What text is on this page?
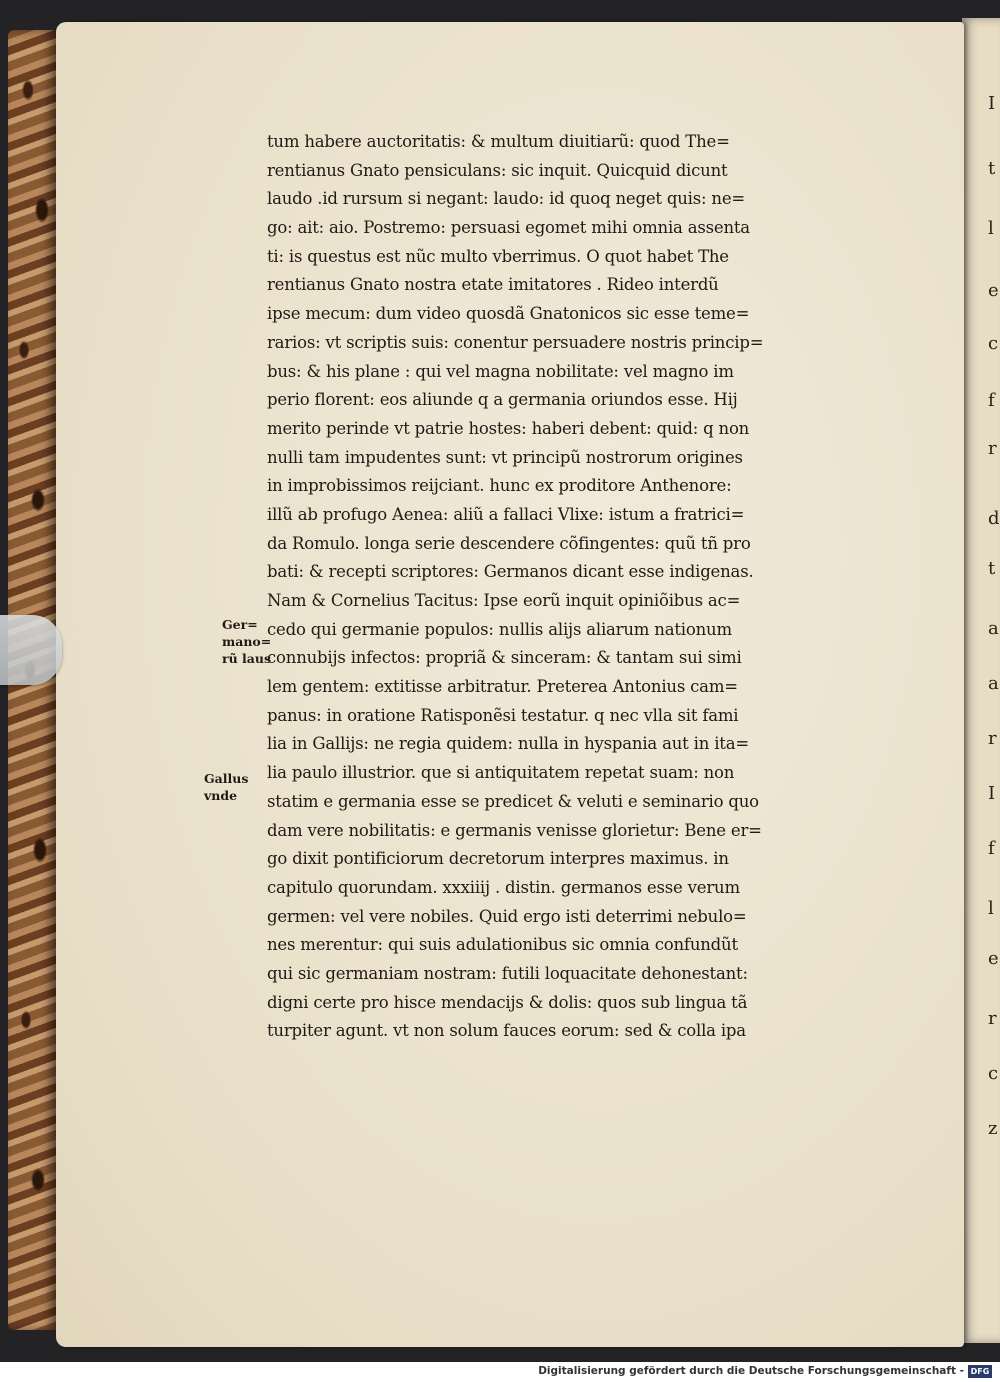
I
t
l
e
c
f
r
d
t
a
a
r
I
f
l
e
r
c
z
Ger=
mano=
rũ laus
Gallus
vnde
tum habere auctoritatis: & multum diuitiarũ: quod The=
rentianus Gnato pensiculans: sic inquit. Quicquid dicunt
laudo .id rursum si negant: laudo: id quoq neget quis: ne=
go: ait: aio. Postremo: persuasi egomet mihi omnia assenta
ti: is questus est nũc multo vberrimus. O quot habet The
rentianus Gnato nostra etate imitatores . Rideo interdũ
ipse mecum: dum video quosdã Gnatonicos sic esse teme=
rarios: vt scriptis suis: conentur persuadere nostris princip=
bus: & his plane : qui vel magna nobilitate: vel magno im
perio florent: eos aliunde q a germania oriundos esse. Hij
merito perinde vt patrie hostes: haberi debent: quid: q non
nulli tam impudentes sunt: vt principũ nostrorum origines
in improbissimos reijciant. hunc ex proditore Anthenore:
illũ ab profugo Aenea: aliũ a fallaci Vlixe: istum a fratrici=
da Romulo. longa serie descendere cõfingentes: quũ tñ pro
bati: & recepti scriptores: Germanos dicant esse indigenas.
Nam & Cornelius Tacitus: Ipse eorũ inquit opiniõibus ac=
cedo qui germanie populos: nullis alijs aliarum nationum
connubijs infectos: propriã & sinceram: & tantam sui simi
lem gentem: extitisse arbitratur. Preterea Antonius cam=
panus: in oratione Ratisponẽsi testatur. q nec vlla sit fami
lia in Gallijs: ne regia quidem: nulla in hyspania aut in ita=
lia paulo illustrior. que si antiquitatem repetat suam: non
statim e germania esse se predicet & veluti e seminario quo
dam vere nobilitatis: e germanis venisse glorietur: Bene er=
go dixit pontificiorum decretorum interpres maximus. in
capitulo quorundam. xxxiiij . distin. germanos esse verum
germen: vel vere nobiles. Quid ergo isti deterrimi nebulo=
nes merentur: qui suis adulationibus sic omnia confundũt
qui sic germaniam nostram: futili loquacitate dehonestant:
digni certe pro hisce mendacijs & dolis: quos sub lingua tã
turpiter agunt. vt non solum fauces eorum: sed & colla ipa
Digitalisierung gefördert durch die Deutsche Forschungsgemeinschaft - DFG
